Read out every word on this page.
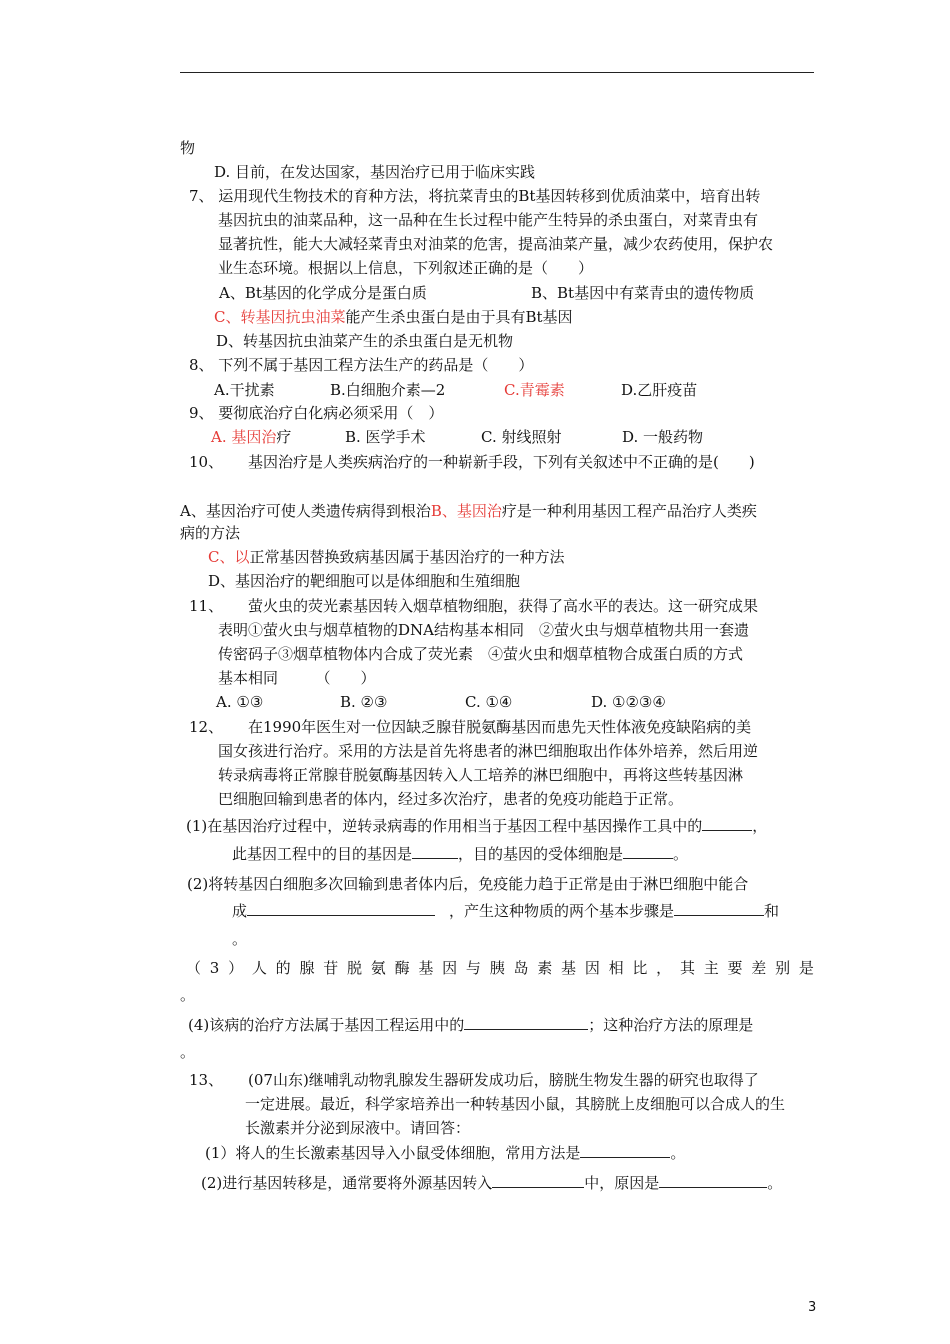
物
D. 目前，在发达国家，基因治疗已用于临床实践
7、 运用现代生物技术的育种方法，将抗菜青虫的Bt基因转移到优质油菜中，培育出转
基因抗虫的油菜品种，这一品种在生长过程中能产生特异的杀虫蛋白，对菜青虫有
显著抗性，能大大减轻菜青虫对油菜的危害，提高油菜产量，减少农药使用，保护农
业生态环境。根据以上信息，下列叙述正确的是（　　）
A、Bt基因的化学成分是蛋白质	B、Bt基因中有菜青虫的遗传物质
C、转基因抗虫油菜能产生杀虫蛋白是由于具有Bt基因
D、转基因抗虫油菜产生的杀虫蛋白是无机物
8、 下列不属于基因工程方法生产的药品是（　　）
A.干扰素	B.白细胞介素—2	C.青霉素	D.乙肝疫苗
9、 要彻底治疗白化病必须采用（　）
A. 基因治疗	B. 医学手术	C. 射线照射	D. 一般药物
10、 基因治疗是人类疾病治疗的一种崭新手段，下列有关叙述中不正确的是(　　)
A、基因治疗可使人类遗传病得到根治B、基因治疗是一种利用基因工程产品治疗人类疾
病的方法
C、以正常基因替换致病基因属于基因治疗的一种方法
D、基因治疗的靶细胞可以是体细胞和生殖细胞
11、 萤火虫的荧光素基因转入烟草植物细胞，获得了高水平的表达。这一研究成果
表明①萤火虫与烟草植物的DNA结构基本相同　②萤火虫与烟草植物共用一套遗
传密码子③烟草植物体内合成了荧光素　④萤火虫和烟草植物合成蛋白质的方式
基本相同　　　（　　）
A. ①③	B. ②③	C. ①④	D. ①②③④
12、 在1990年医生对一位因缺乏腺苷脱氨酶基因而患先天性体液免疫缺陷病的美
国女孩进行治疗。采用的方法是首先将患者的淋巴细胞取出作体外培养，然后用逆
转录病毒将正常腺苷脱氨酶基因转入人工培养的淋巴细胞中，再将这些转基因淋
巴细胞回输到患者的体内，经过多次治疗，患者的免疫功能趋于正常。
(1)在基因治疗过程中，逆转录病毒的作用相当于基因工程中基因操作工具中的	，
此基因工程中的目的基因是	，目的基因的受体细胞是	。
(2)将转基因白细胞多次回输到患者体内后，免疫能力趋于正常是由于淋巴细胞中能合
成	，产生这种物质的两个基本步骤是	和
。
（ 3 ） 人 的 腺 苷 脱 氨 酶 基 因 与 胰 岛 素 基 因 相 比 ， 其 主 要 差 别 是
。
(4)该病的治疗方法属于基因工程运用中的	；这种治疗方法的原理是
。
13、 (07山东)继哺乳动物乳腺发生器研发成功后，膀胱生物发生器的研究也取得了
一定进展。最近，科学家培养出一种转基因小鼠，其膀胱上皮细胞可以合成人的生
长激素并分泌到尿液中。请回答：
(1）将人的生长激素基因导入小鼠受体细胞，常用方法是	。
(2)进行基因转移是，通常要将外源基因转入	中，原因是	。
3
